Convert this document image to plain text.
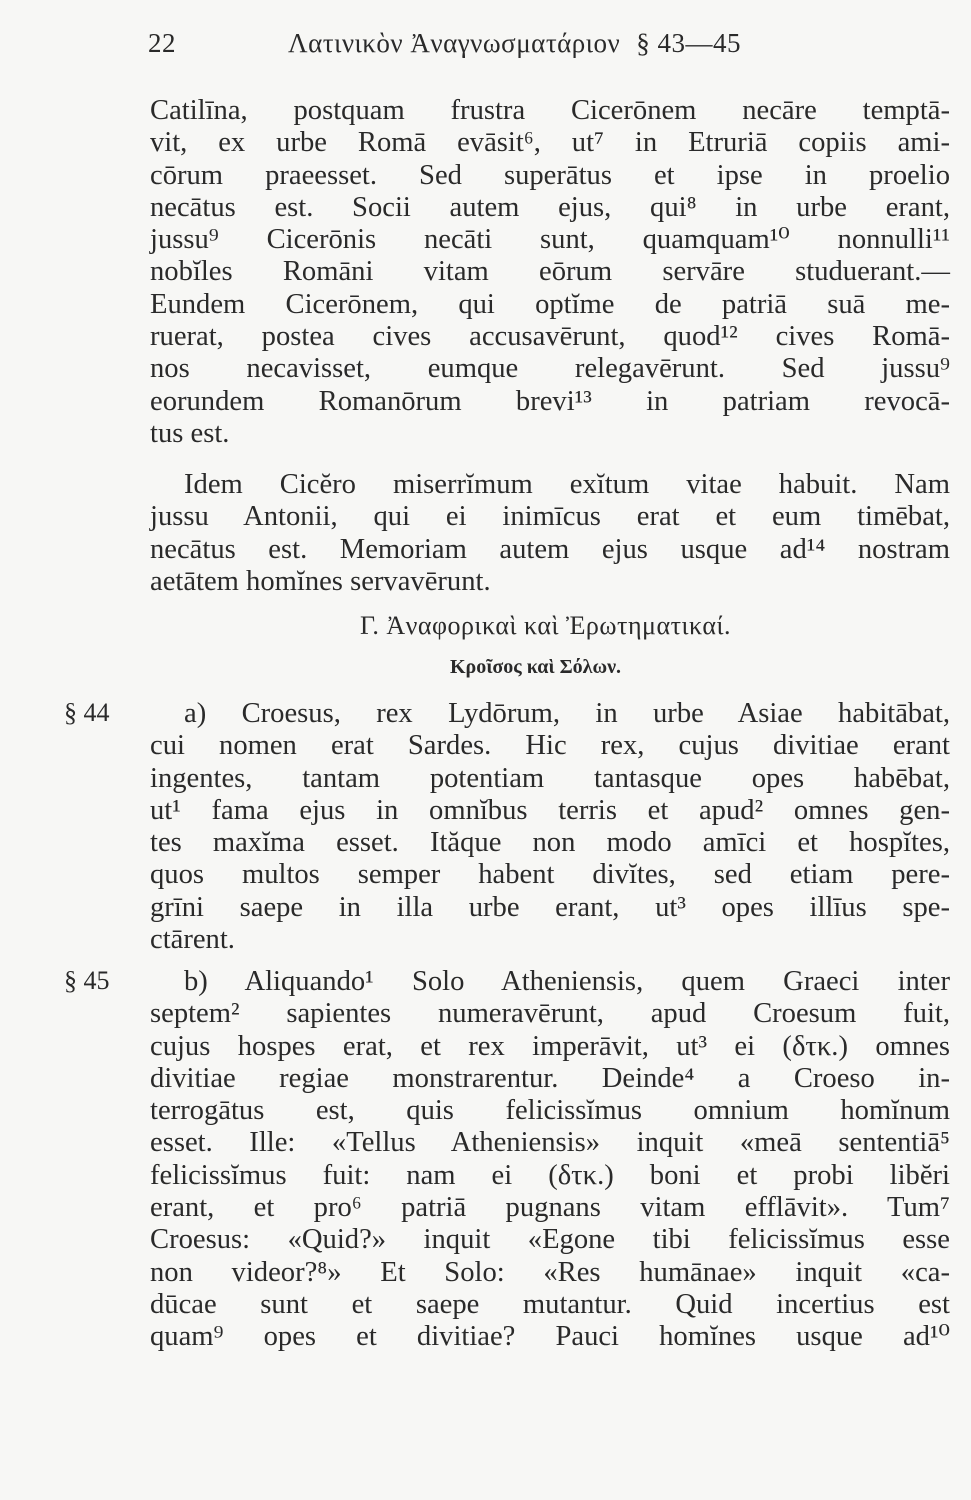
22	Λατινικὸν Ἀναγνωσματάριον § 43—45
Catilīna, postquam frustra Cicerōnem necāre temptā-
vit, ex urbe Romā evāsit⁶, ut⁷ in Etruriā copiis ami-
cōrum praeesset. Sed superātus et ipse in proelio
necātus est. Socii autem ejus, qui⁸ in urbe erant,
jussu⁹ Cicerōnis necāti sunt, quamquam¹⁰ nonnulli¹¹
nobĭles Romāni vitam eōrum servāre studuerant.—
Eundem Cicerōnem, qui optĭme de patriā suā me-
ruerat, postea cives accusavērunt, quod¹² cives Romā-
nos necavisset, eumque relegavērunt. Sed jussu⁹
eorundem Romanōrum brevi¹³ in patriam revocā-
tus est.
Idem Cicĕro miserrĭmum exĭtum vitae habuit. Nam
jussu Antonii, qui ei inimīcus erat et eum timēbat,
necātus est. Memoriam autem ejus usque ad¹⁴ nostram
aetātem homĭnes servavērunt.
Γ. Ἀναφορικαὶ καὶ Ἐρωτηματικαί.
Κροῖσος καὶ Σόλων.
§ 44	a) Croesus, rex Lydōrum, in urbe Asiae habitābat,
cui nomen erat Sardes. Hic rex, cujus divitiae erant
ingentes, tantam potentiam tantasque opes habēbat,
ut¹ fama ejus in omnĭbus terris et apud² omnes gen-
tes maxĭma esset. Ităque non modo amīci et hospĭtes,
quos multos semper habent divĭtes, sed etiam pere-
grīni saepe in illa urbe erant, ut³ opes illīus spe-
ctārent.
§ 45	b) Aliquando¹ Solo Atheniensis, quem Graeci inter
septem² sapientes numeravērunt, apud Croesum fuit,
cujus hospes erat, et rex imperāvit, ut³ ei (δτκ.) omnes
divitiae regiae monstrarentur. Deinde⁴ a Croeso in-
terrogātus est, quis felicissĭmus omnium homĭnum
esset. Ille: «Tellus Atheniensis» inquit «meā sententiā⁵
felicissĭmus fuit: nam ei (δτκ.) boni et probi libĕri
erant, et pro⁶ patriā pugnans vitam efflāvit». Tum⁷
Croesus: «Quid?» inquit «Egone tibi felicissĭmus esse
non videor?⁸» Et Solo: «Res humānae» inquit «ca-
dūcae sunt et saepe mutantur. Quid incertius est
quam⁹ opes et divitiae? Pauci homĭnes usque ad¹⁰
